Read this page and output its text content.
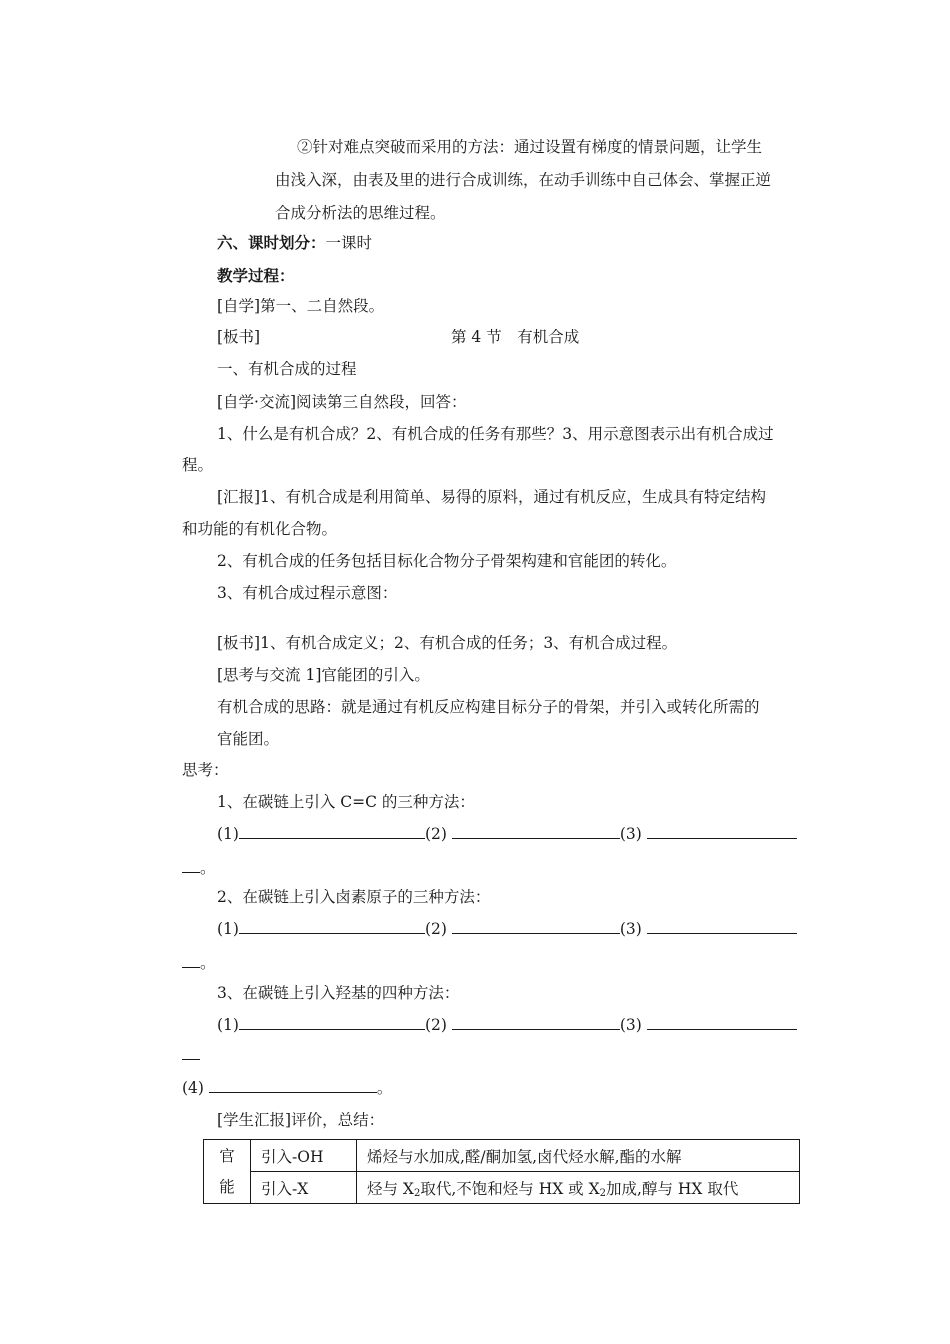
②针对难点突破而采用的方法：通过设置有梯度的情景问题，让学生
由浅入深，由表及里的进行合成训练，在动手训练中自己体会、掌握正逆
合成分析法的思维过程。
六、课时划分：一课时
教学过程：
[自学]第一、二自然段。
[板书]	第 4 节　有机合成
一、有机合成的过程
[自学·交流]阅读第三自然段，回答：
1、什么是有机合成？2、有机合成的任务有那些？3、用示意图表示出有机合成过
程。
[汇报]1、有机合成是利用简单、易得的原料，通过有机反应，生成具有特定结构
和功能的有机化合物。
2、有机合成的任务包括目标化合物分子骨架构建和官能团的转化。
3、有机合成过程示意图：
[板书]1、有机合成定义；2、有机合成的任务；3、有机合成过程。
[思考与交流 1]官能团的引入。
有机合成的思路：就是通过有机反应构建目标分子的骨架，并引入或转化所需的
官能团。
思考：
1、在碳链上引入 C=C 的三种方法：
(1)	(2)	(3)
。
2、在碳链上引入卤素原子的三种方法：
(1)	(2)	(3)
。
3、在碳链上引入羟基的四种方法：
(1)	(2)	(3)
(4)	。
[学生汇报]评价，总结：
官能	引入-OH	烯烃与水加成,醛/酮加氢,卤代烃水解,酯的水解
	引入-X	烃与 $X_2$取代,不饱和烃与 HX 或 $X_2$加成,醇与 HX 取代
